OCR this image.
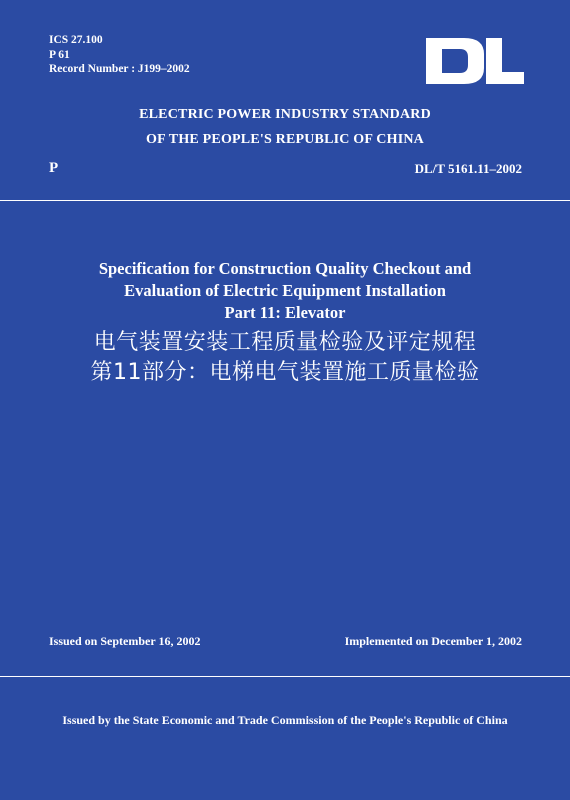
ICS 27.100
P 61
Record Number : J199–2002
ELECTRIC POWER INDUSTRY STANDARD
OF THE PEOPLE'S REPUBLIC OF CHINA
P	DL/T 5161.11–2002
Specification for Construction Quality Checkout and
Evaluation of Electric Equipment Installation
Part 11: Elevator
电气装置安装工程质量检验及评定规程
第11部分：电梯电气装置施工质量检验
Issued on September 16, 2002	Implemented on December 1, 2002
Issued by the State Economic and Trade Commission of the People's Republic of China
